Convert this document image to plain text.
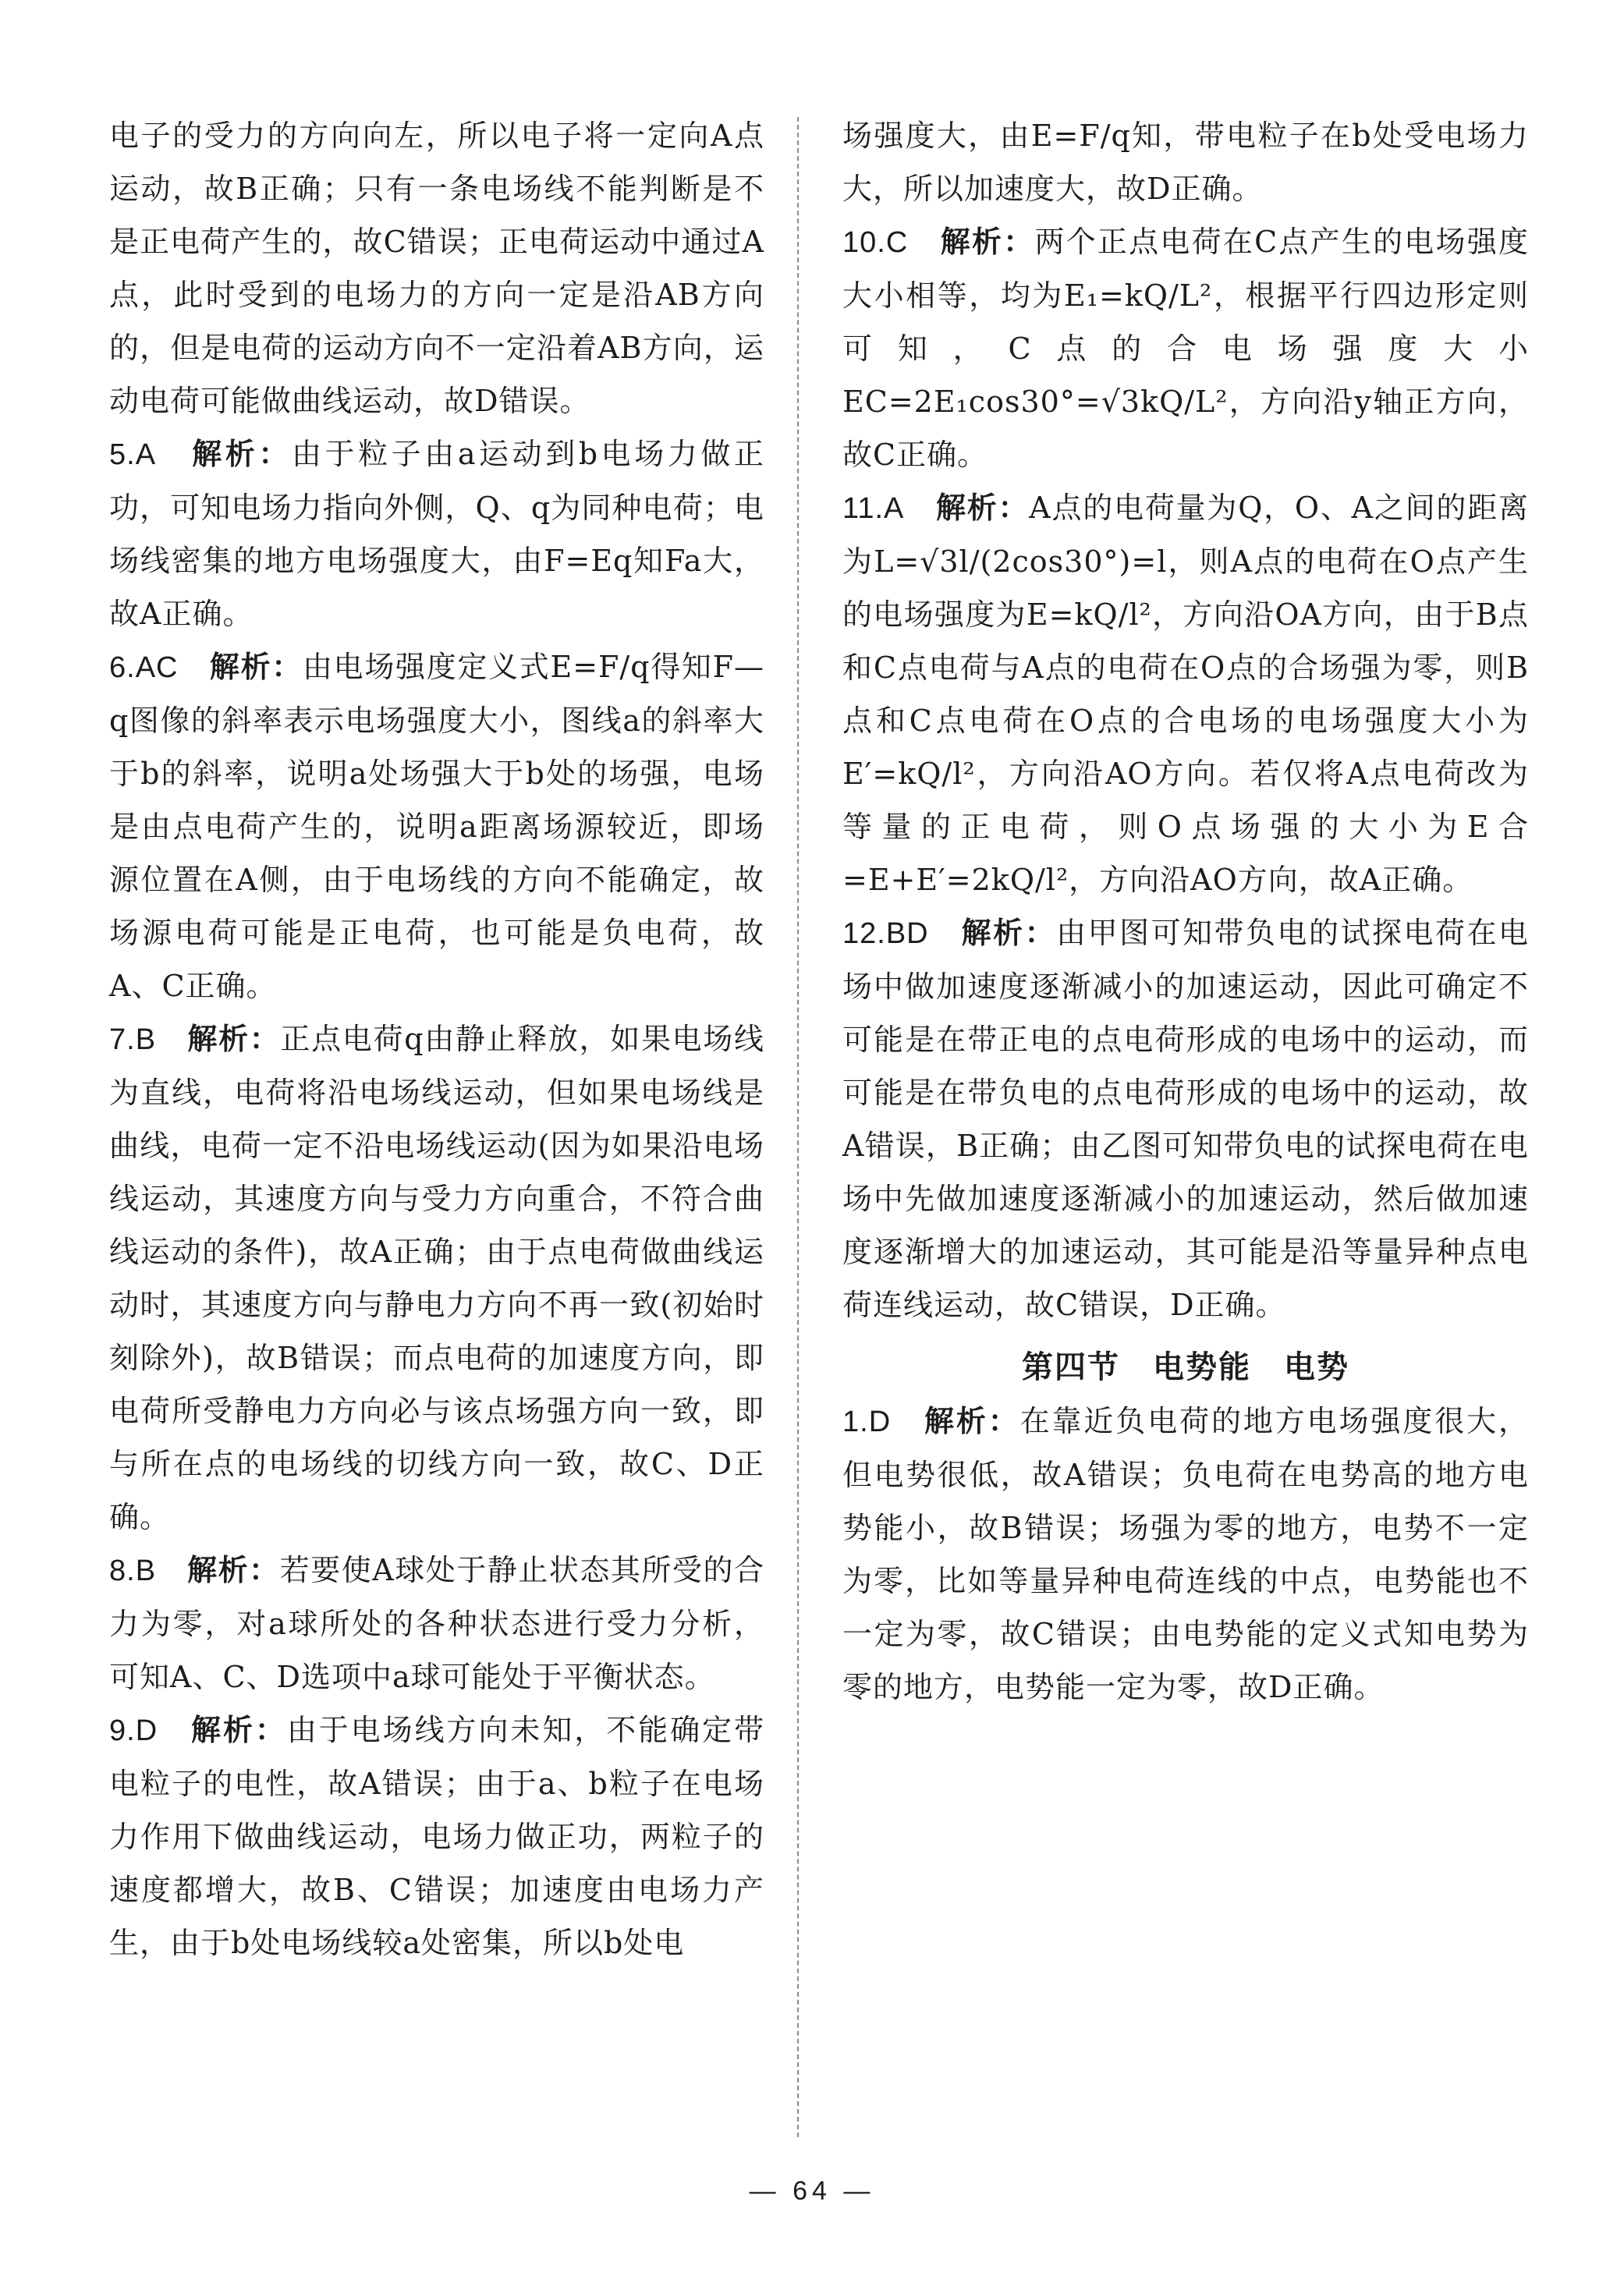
电子的受力的方向向左，所以电子将一定向A点运动，故B正确；只有一条电场线不能判断是不是正电荷产生的，故C错误；正电荷运动中通过A点，此时受到的电场力的方向一定是沿AB方向的，但是电荷的运动方向不一定沿着AB方向，运动电荷可能做曲线运动，故D错误。

5.A　 解析：由于粒子由a运动到b电场力做正功，可知电场力指向外侧，Q、q为同种电荷；电场线密集的地方电场强度大，由F=Eq知Fa大，故A正确。

6.AC　 解析：由电场强度定义式E=F/q得知F—q图像的斜率表示电场强度大小，图线a的斜率大于b的斜率，说明a处场强大于b处的场强，电场是由点电荷产生的，说明a距离场源较近，即场源位置在A侧，由于电场线的方向不能确定，故场源电荷可能是正电荷，也可能是负电荷，故A、C正确。

7.B　 解析：正点电荷q由静止释放，如果电场线为直线，电荷将沿电场线运动，但如果电场线是曲线，电荷一定不沿电场线运动(因为如果沿电场线运动，其速度方向与受力方向重合，不符合曲线运动的条件)，故A正确；由于点电荷做曲线运动时，其速度方向与静电力方向不再一致(初始时刻除外)，故B错误；而点电荷的加速度方向，即电荷所受静电力方向必与该点场强方向一致，即与所在点的电场线的切线方向一致，故C、D正确。

8.B　 解析：若要使A球处于静止状态其所受的合力为零，对a球所处的各种状态进行受力分析，可知A、C、D选项中a球可能处于平衡状态。

9.D　 解析：由于电场线方向未知，不能确定带电粒子的电性，故A错误；由于a、b粒子在电场力作用下做曲线运动，电场力做正功，两粒子的速度都增大，故B、C错误；加速度由电场力产生，由于b处电场线较a处密集，所以b处电

场强度大，由E=F/q知，带电粒子在b处受电场力大，所以加速度大，故D正确。

10.C　 解析：两个正点电荷在C点产生的电场强度大小相等，均为E₁=kQ/L²，根据平行四边形定则可知，C点的合电场强度大小EC=2E₁cos30°=√3kQ/L²，方向沿y轴正方向，故C正确。

11.A　 解析：A点的电荷量为Q，O、A之间的距离为L=√3l/(2cos30°)=l，则A点的电荷在O点产生的电场强度为E=kQ/l²，方向沿OA方向，由于B点和C点电荷与A点的电荷在O点的合场强为零，则B点和C点电荷在O点的合电场的电场强度大小为E′=kQ/l²，方向沿AO方向。若仅将A点电荷改为等量的正电荷，则O点场强的大小为E合=E+E′=2kQ/l²，方向沿AO方向，故A正确。

12.BD　 解析：由甲图可知带负电的试探电荷在电场中做加速度逐渐减小的加速运动，因此可确定不可能是在带正电的点电荷形成的电场中的运动，而可能是在带负电的点电荷形成的电场中的运动，故A错误，B正确；由乙图可知带负电的试探电荷在电场中先做加速度逐渐减小的加速运动，然后做加速度逐渐增大的加速运动，其可能是沿等量异种点电荷连线运动，故C错误，D正确。

第四节　电势能　电势

1.D　 解析：在靠近负电荷的地方电场强度很大，但电势很低，故A错误；负电荷在电势高的地方电势能小，故B错误；场强为零的地方，电势不一定为零，比如等量异种电荷连线的中点，电势能也不一定为零，故C错误；由电势能的定义式知电势为零的地方，电势能一定为零，故D正确。

— 64 —
